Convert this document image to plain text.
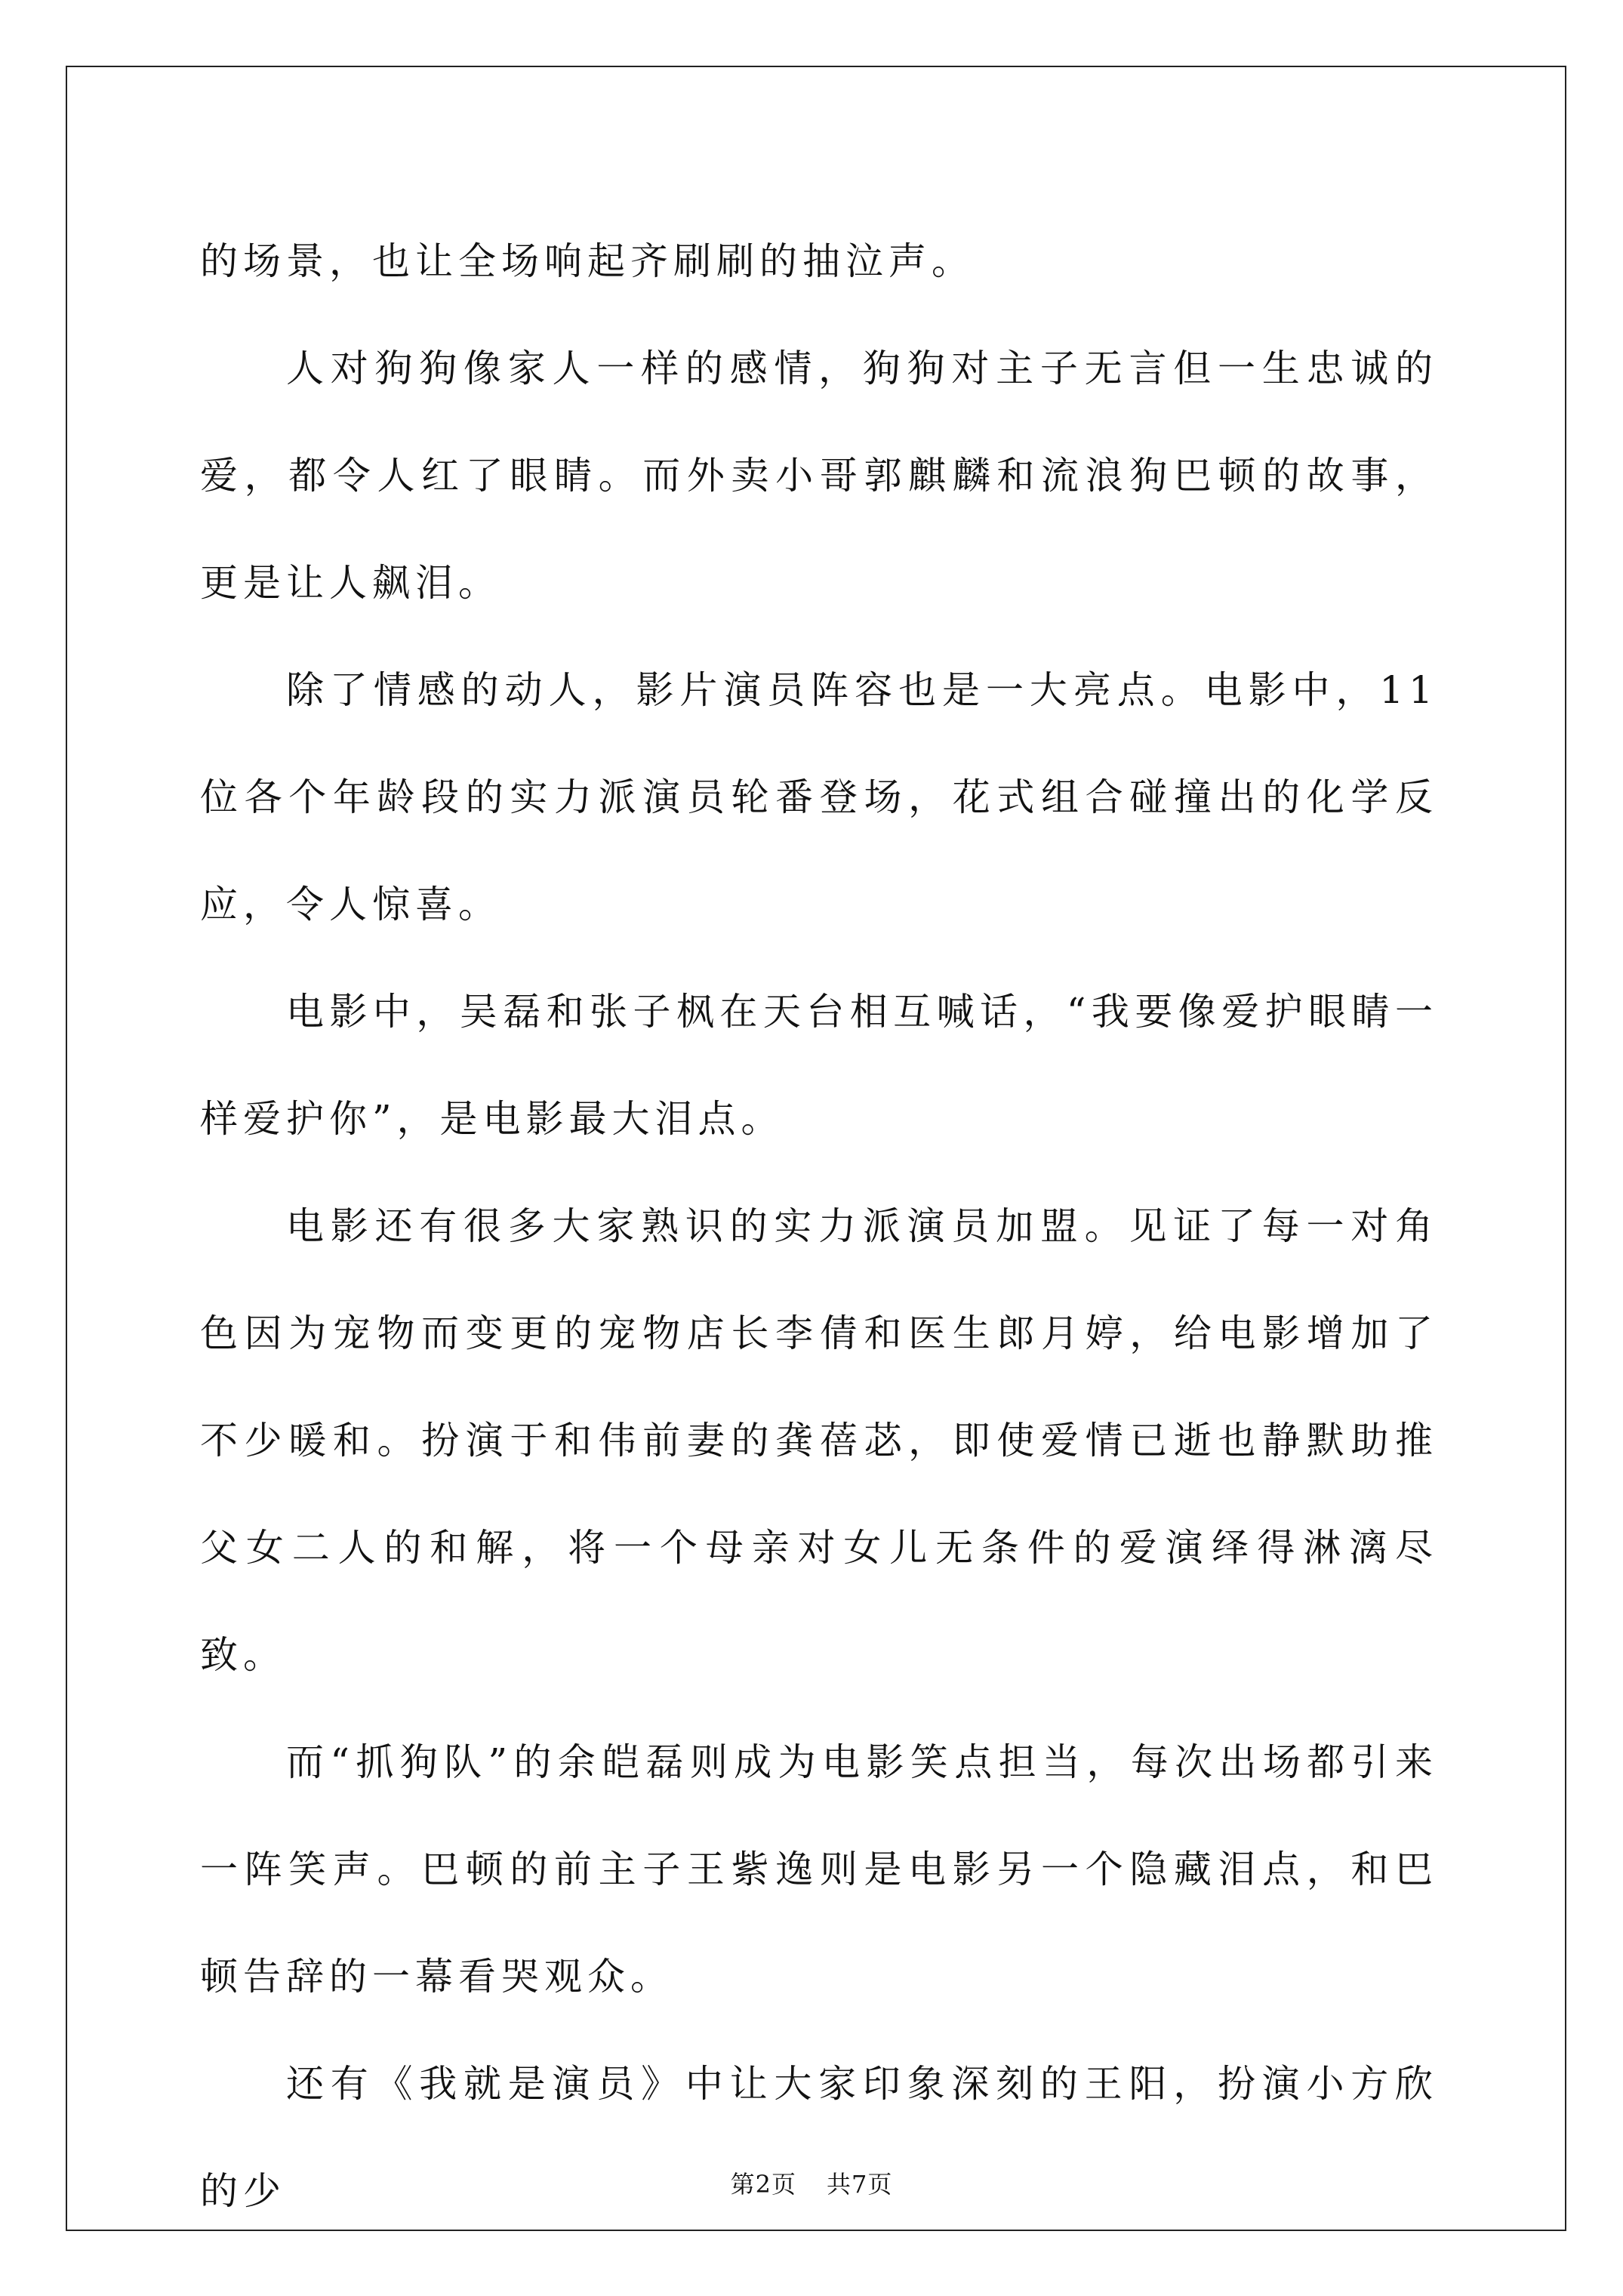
的场景，也让全场响起齐刷刷的抽泣声。

人对狗狗像家人一样的感情，狗狗对主子无言但一生忠诚的爱，都令人红了眼睛。而外卖小哥郭麒麟和流浪狗巴顿的故事，更是让人飙泪。

除了情感的动人，影片演员阵容也是一大亮点。电影中，11位各个年龄段的实力派演员轮番登场，花式组合碰撞出的化学反应，令人惊喜。

电影中，吴磊和张子枫在天台相互喊话，“我要像爱护眼睛一样爱护你”，是电影最大泪点。

电影还有很多大家熟识的实力派演员加盟。见证了每一对角色因为宠物而变更的宠物店长李倩和医生郎月婷，给电影增加了不少暖和。扮演于和伟前妻的龚蓓苾，即使爱情已逝也静默助推父女二人的和解，将一个母亲对女儿无条件的爱演绎得淋漓尽致。

而“抓狗队”的余皑磊则成为电影笑点担当，每次出场都引来一阵笑声。巴顿的前主子王紫逸则是电影另一个隐藏泪点，和巴顿告辞的一幕看哭观众。

还有《我就是演员》中让大家印象深刻的王阳，扮演小方欣的少	第2页 共7页
